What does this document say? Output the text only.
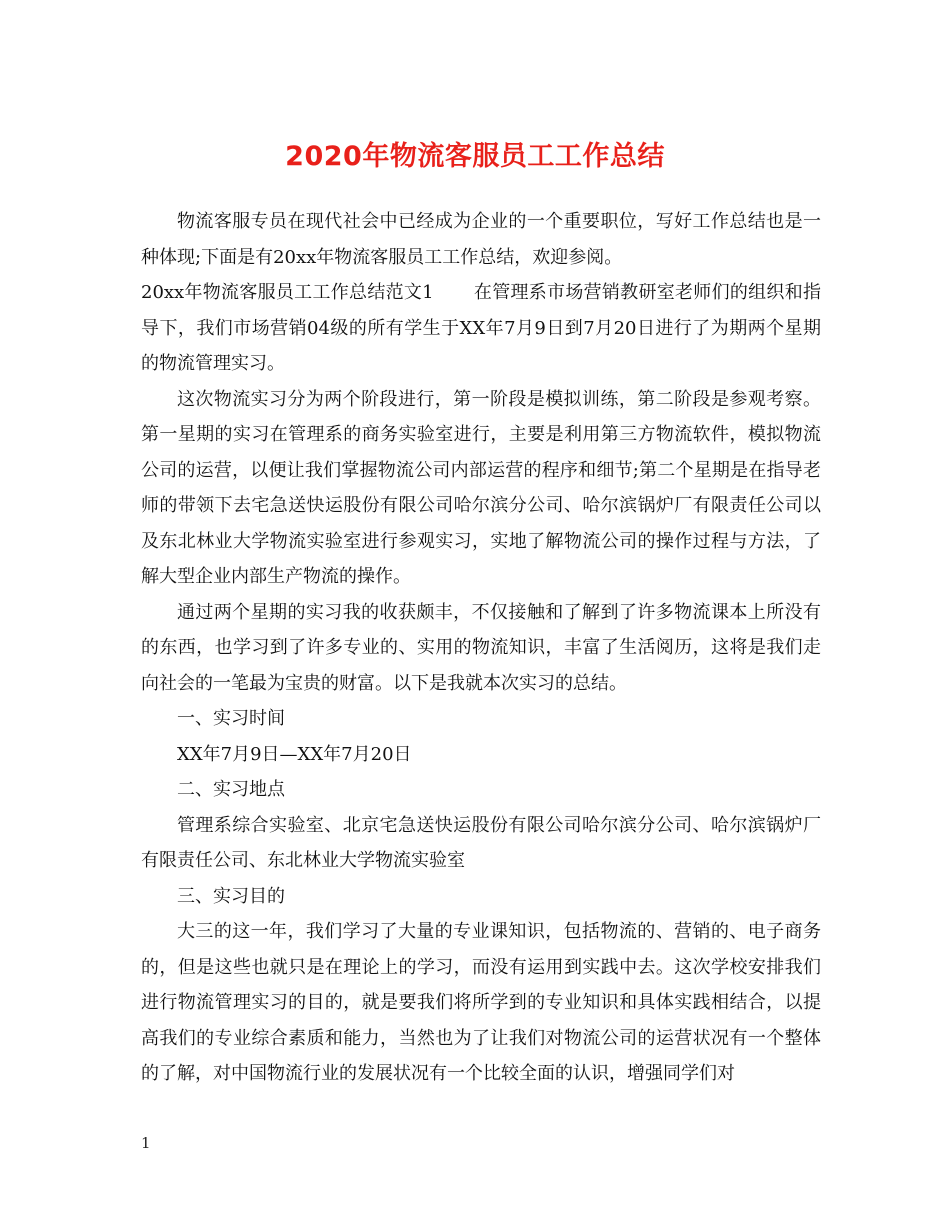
2020年物流客服员工工作总结

物流客服专员在现代社会中已经成为企业的一个重要职位，写好工作总结也是一种体现;下面是有20xx年物流客服员工工作总结，欢迎参阅。

20xx年物流客服员工工作总结范文1 在管理系市场营销教研室老师们的组织和指导下，我们市场营销04级的所有学生于XX年7月9日到7月20日进行了为期两个星期的物流管理实习。

这次物流实习分为两个阶段进行，第一阶段是模拟训练，第二阶段是参观考察。第一星期的实习在管理系的商务实验室进行，主要是利用第三方物流软件，模拟物流公司的运营，以便让我们掌握物流公司内部运营的程序和细节;第二个星期是在指导老师的带领下去宅急送快运股份有限公司哈尔滨分公司、哈尔滨锅炉厂有限责任公司以及东北林业大学物流实验室进行参观实习，实地了解物流公司的操作过程与方法，了解大型企业内部生产物流的操作。

通过两个星期的实习我的收获颇丰，不仅接触和了解到了许多物流课本上所没有的东西，也学习到了许多专业的、实用的物流知识，丰富了生活阅历，这将是我们走向社会的一笔最为宝贵的财富。以下是我就本次实习的总结。

一、实习时间

XX年7月9日—XX年7月20日

二、实习地点

管理系综合实验室、北京宅急送快运股份有限公司哈尔滨分公司、哈尔滨锅炉厂有限责任公司、东北林业大学物流实验室

三、实习目的

大三的这一年，我们学习了大量的专业课知识，包括物流的、营销的、电子商务的，但是这些也就只是在理论上的学习，而没有运用到实践中去。这次学校安排我们进行物流管理实习的目的，就是要我们将所学到的专业知识和具体实践相结合，以提高我们的专业综合素质和能力，当然也为了让我们对物流公司的运营状况有一个整体的了解，对中国物流行业的发展状况有一个比较全面的认识，增强同学们对

1
